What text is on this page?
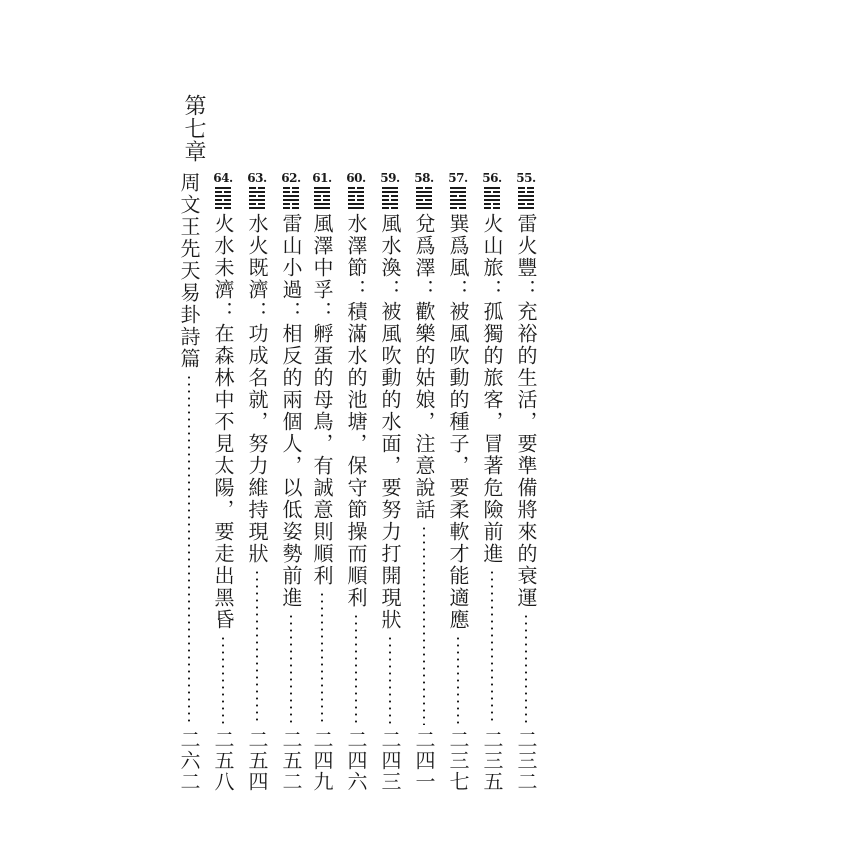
第七章
55.
雷火豐：充裕的生活，要準備將來的衰運
二三二
56.
火山旅：孤獨的旅客，冒著危險前進
二三五
57.
巽爲風：被風吹動的種子，要柔軟才能適應
二三七
58.
兌爲澤：歡樂的姑娘，注意說話
二四一
59.
風水渙：被風吹動的水面，要努力打開現狀
二四三
60.
水澤節：積滿水的池塘，保守節操而順利
二四六
61.
風澤中孚：孵蛋的母鳥，有誠意則順利
二四九
62.
雷山小過：相反的兩個人，以低姿勢前進
二五二
63.
水火既濟：功成名就，努力維持現狀
二五四
64.
火水未濟：在森林中不見太陽，要走出黑昏
二五八
周文王先天易卦詩篇
二六二
